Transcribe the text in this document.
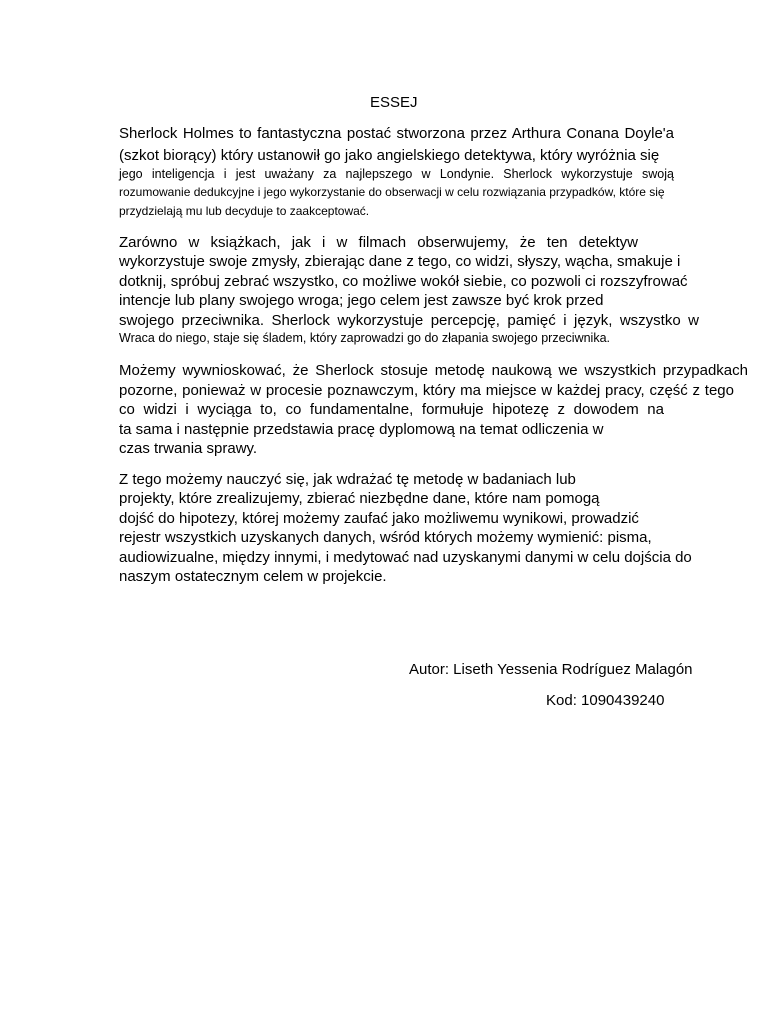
ESSEJ
Sherlock Holmes to fantastyczna postać stworzona przez Arthura Conana Doyle'a
(szkot biorący) który ustanowił go jako angielskiego detektywa, który wyróżnia się
jego inteligencja i jest uważany za najlepszego w Londynie. Sherlock wykorzystuje swoją
rozumowanie dedukcyjne i jego wykorzystanie do obserwacji w celu rozwiązania przypadków, które się
przydzielają mu lub decyduje to zaakceptować.
Zarówno w książkach, jak i w filmach obserwujemy, że ten detektyw
wykorzystuje swoje zmysły, zbierając dane z tego, co widzi, słyszy, wącha, smakuje i
dotknij, spróbuj zebrać wszystko, co możliwe wokół siebie, co pozwoli ci rozszyfrować
intencje lub plany swojego wroga; jego celem jest zawsze być krok przed
swojego przeciwnika. Sherlock wykorzystuje percepcję, pamięć i język, wszystko w
Wraca do niego, staje się śladem, który zaprowadzi go do złapania swojego przeciwnika.
Możemy wywnioskować, że Sherlock stosuje metodę naukową we wszystkich przypadkach
pozorne, ponieważ w procesie poznawczym, który ma miejsce w każdej pracy, część z tego
co widzi i wyciąga to, co fundamentalne, formułuje hipotezę z dowodem na
ta sama i następnie przedstawia pracę dyplomową na temat odliczenia w
czas trwania sprawy.
Z tego możemy nauczyć się, jak wdrażać tę metodę w badaniach lub
projekty, które zrealizujemy, zbierać niezbędne dane, które nam pomogą
dojść do hipotezy, której możemy zaufać jako możliwemu wynikowi, prowadzić
rejestr wszystkich uzyskanych danych, wśród których możemy wymienić: pisma,
audiowizualne, między innymi, i medytować nad uzyskanymi danymi w celu dojścia do
naszym ostatecznym celem w projekcie.
Autor: Liseth Yessenia Rodríguez Malagón
Kod: 1090439240
